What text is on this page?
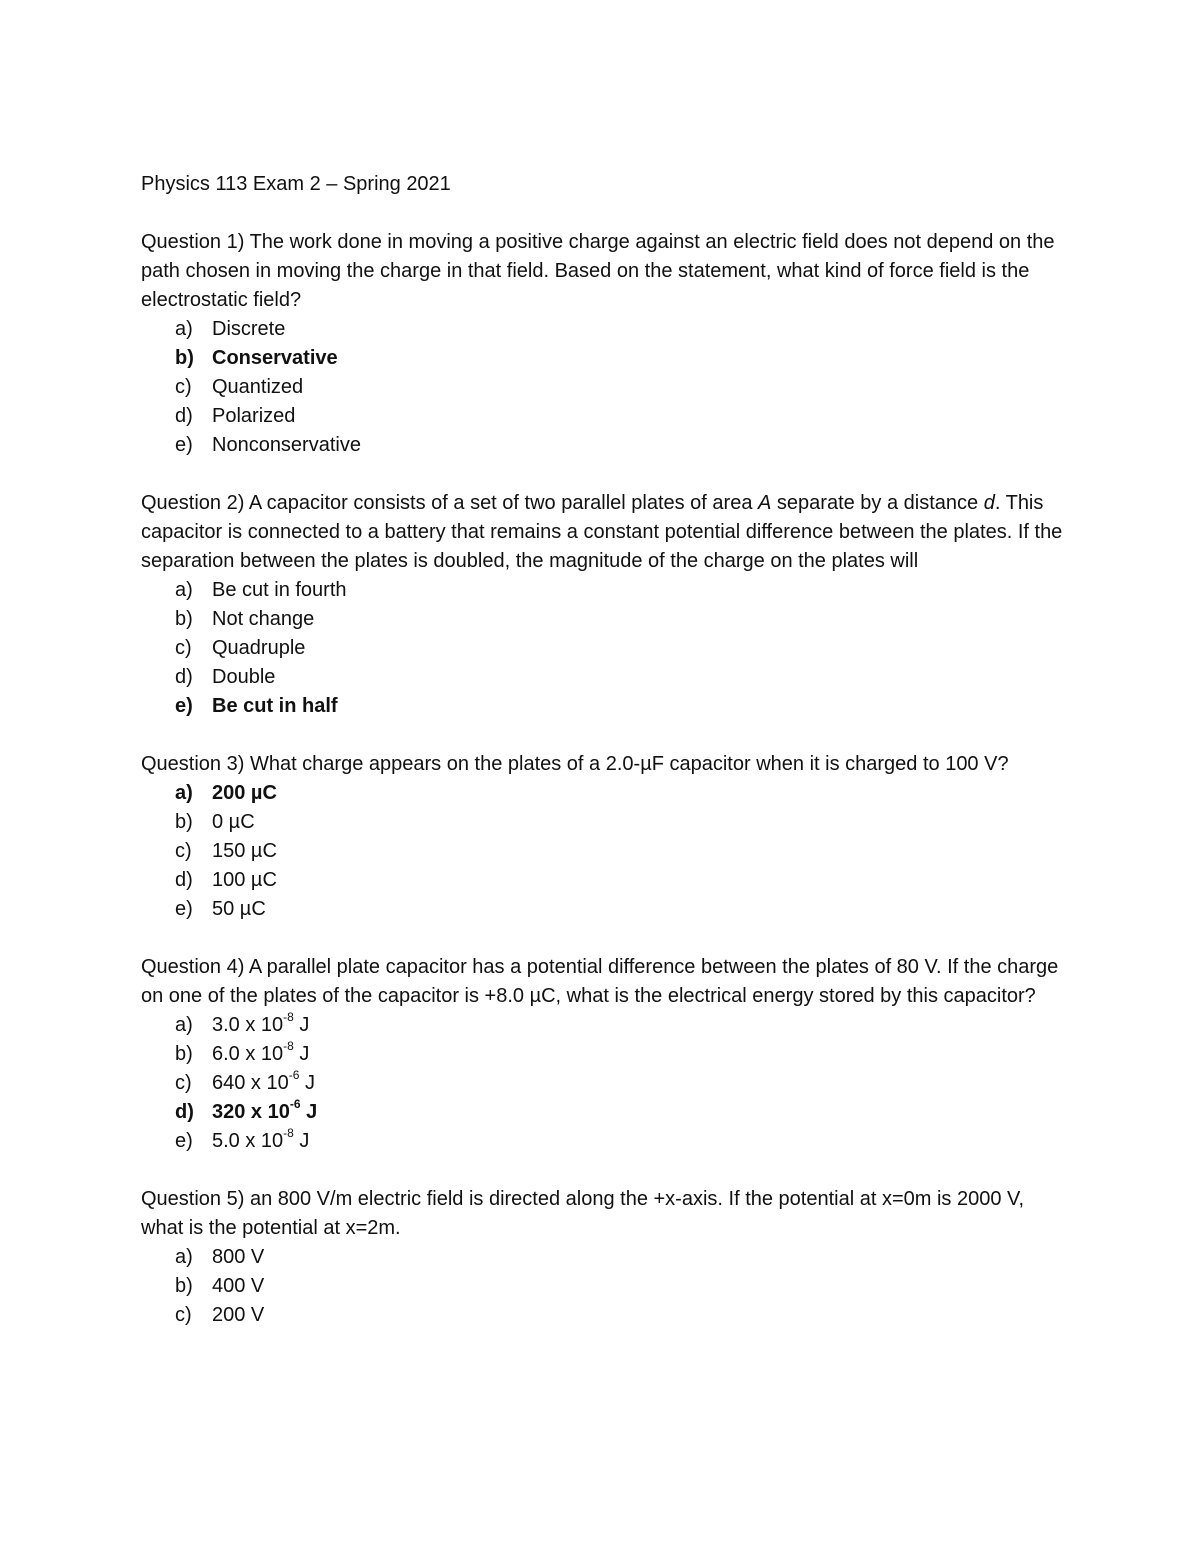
Physics 113 Exam 2 – Spring 2021

Question 1) The work done in moving a positive charge against an electric field does not depend on the path chosen in moving the charge in that field. Based on the statement, what kind of force field is the electrostatic field?

a) Discrete
b) Conservative
c) Quantized
d) Polarized
e) Nonconservative

Question 2) A capacitor consists of a set of two parallel plates of area A separate by a distance d. This capacitor is connected to a battery that remains a constant potential difference between the plates. If the separation between the plates is doubled, the magnitude of the charge on the plates will

a) Be cut in fourth
b) Not change
c) Quadruple
d) Double
e) Be cut in half

Question 3) What charge appears on the plates of a 2.0-µF capacitor when it is charged to 100 V?

a) 200 µC
b) 0 µC
c) 150 µC
d) 100 µC
e) 50 µC

Question 4) A parallel plate capacitor has a potential difference between the plates of 80 V. If the charge on one of the plates of the capacitor is +8.0 µC, what is the electrical energy stored by this capacitor?

a) 3.0 x $10^{-8}$ J
b) 6.0 x $10^{-8}$ J
c) 640 x $10^{-6}$ J
d) 320 x $10^{-6}$ J
e) 5.0 x $10^{-8}$ J

Question 5) an 800 V/m electric field is directed along the +x-axis. If the potential at x=0m is 2000 V, what is the potential at x=2m.

a) 800 V
b) 400 V
c) 200 V
